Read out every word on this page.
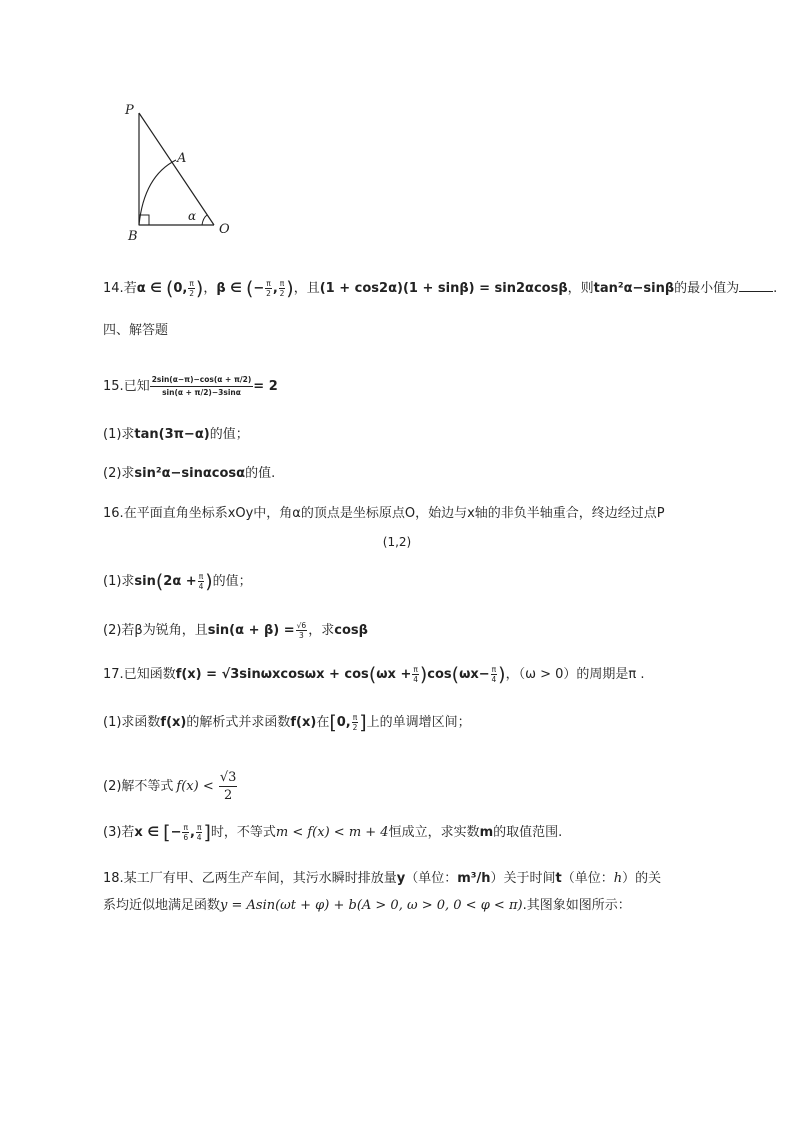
P
A
B	O
α
14.若α ∈ (0, $\frac{\pi}{2}$ )，β ∈ (− $\frac{\pi}{2}$ , $\frac{\pi}{2}$ )，且(1 + cos2α)(1 + sinβ) = sin2αcosβ，则tan²α−sinβ的最小值为	.
四、解答题
15.已知 $\frac{2\sin(\alpha-\pi)-\cos(\alpha + \pi/2)}{\sin(\alpha + \pi/2)-3\sin\alpha} = 2$
(1)求tan(3π−α)的值；
(2)求sin²α−sinαcosα的值.
16.在平面直角坐标系xOy中，角α的顶点是坐标原点O，始边与x轴的非负半轴重合，终边经过点P
(1,2)
(1)求$\sin(2\alpha + \frac{\pi}{4}$ )的值；
(2)若β为锐角，且$\sin(\alpha + \beta) = \frac{√6}{3}$ ，求cosβ
17.已知函数$f(x) = √3\sin\omega xcos\omega x + \cos(\omega x + \frac{\pi}{4} )\cos(\omega x- \frac{\pi}{4}$ )，（ω > 0）的周期是π .
(1)求函数f(x)的解析式并求函数f(x)在[0, $\frac{\pi}{2}$ ]上的单调增区间；
(2)解不等式 $f(x) < \frac{√3}{2}$
(3)若x ∈ [− $\frac{\pi}{6}$ , $\frac{\pi}{4}$ ]时，不等式m < f(x) < m + 4恒成立，求实数m的取值范围.
18.某工厂有甲、乙两生产车间，其污水瞬时排放量y（单位：m³/h）关于时间t（单位：h）的关
系均近似地满足函数y = Asin(ωt + φ) + b(A > 0, ω > 0, 0 < φ < π).其图象如图所示：
